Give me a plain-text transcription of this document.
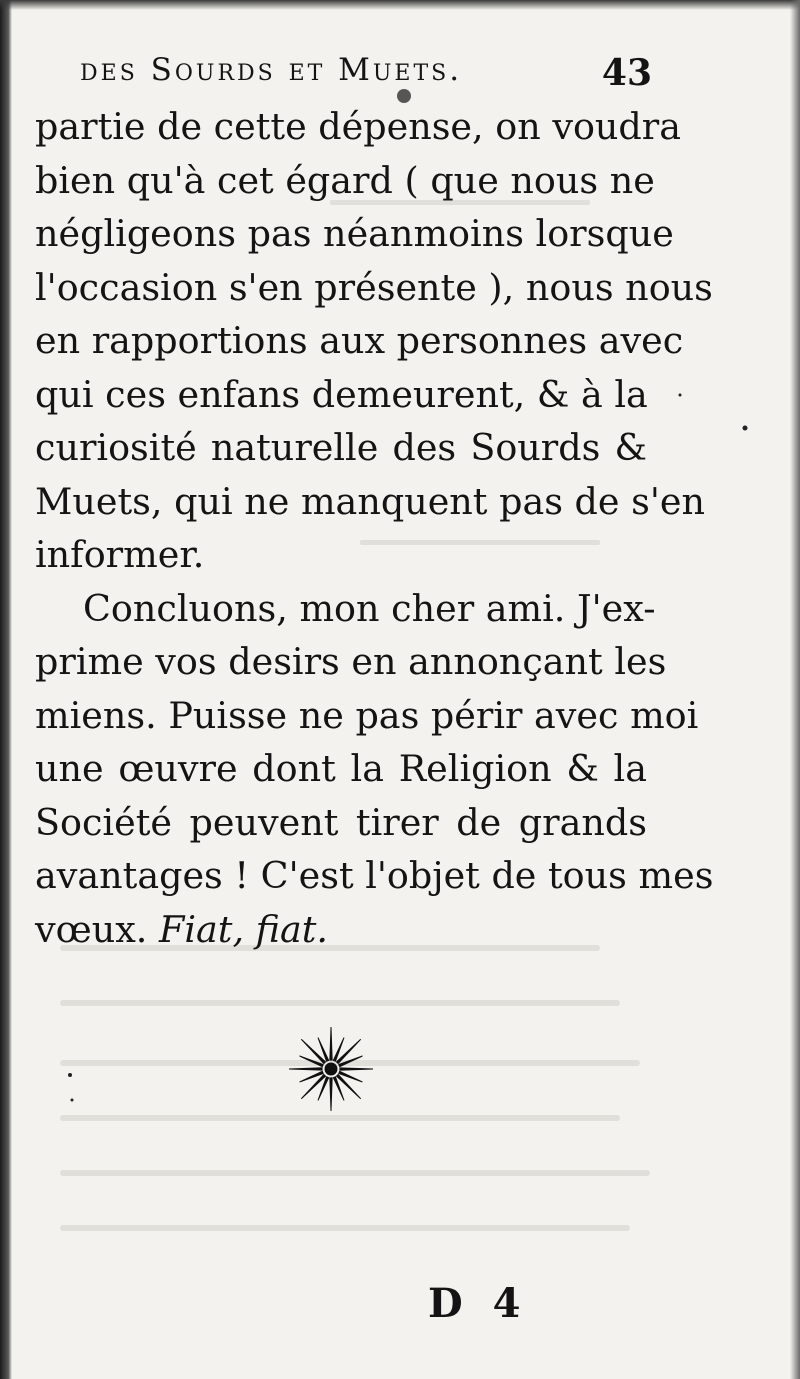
des Sourds et Muets.	43
partie de cette dépense, on voudra
bien qu'à cet égard ( que nous ne
négligeons pas néanmoins lorsque
l'occasion s'en présente ), nous nous
en rapportions aux personnes avec
qui ces enfans demeurent, & à la
curiosité naturelle des Sourds &
Muets, qui ne manquent pas de s'en
informer.
Concluons, mon cher ami. J'ex-
prime vos desirs en annonçant les
miens. Puisse ne pas périr avec moi
une œuvre dont la Religion & la
Société peuvent tirer de grands
avantages ! C'est l'objet de tous mes
vœux. Fiat, fiat.
D 4
